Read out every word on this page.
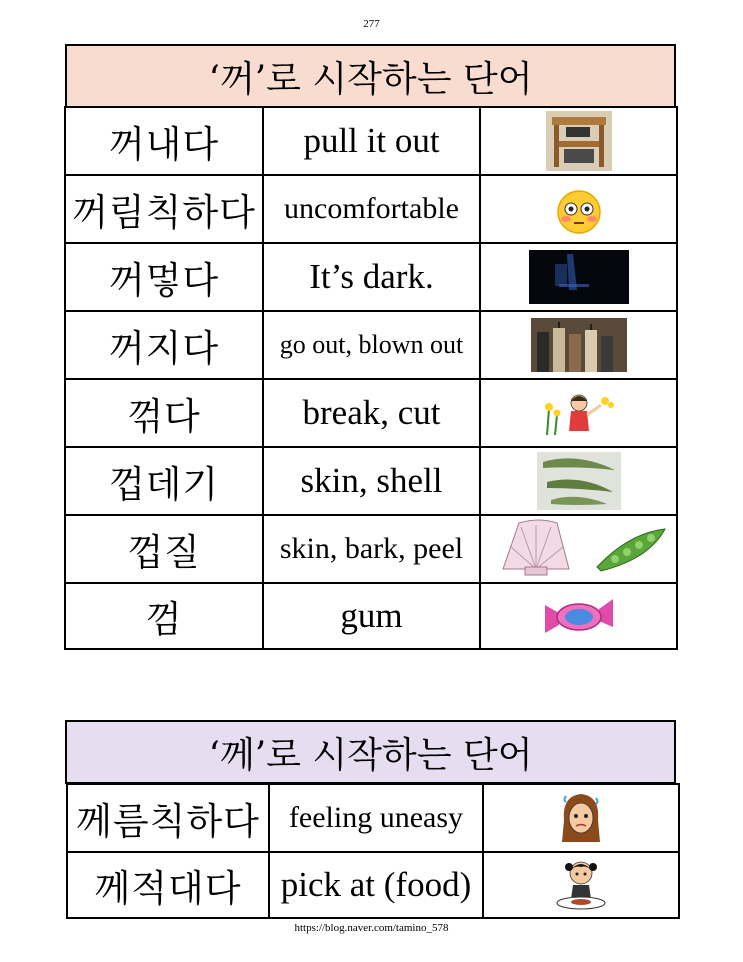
277
‘꺼’로 시작하는 단어
꺼내다	pull it out	

꺼림칙하다	uncomfortable	

꺼멓다	It’s dark.	

꺼지다	go out, blown out	

꺾다	break, cut	

껍데기	skin, shell	

껍질	skin, bark, peel	

껌	gum	
‘께’로 시작하는 단어
께름칙하다	feeling uneasy	

께적대다	pick at (food)	
https://blog.naver.com/tamino_578
